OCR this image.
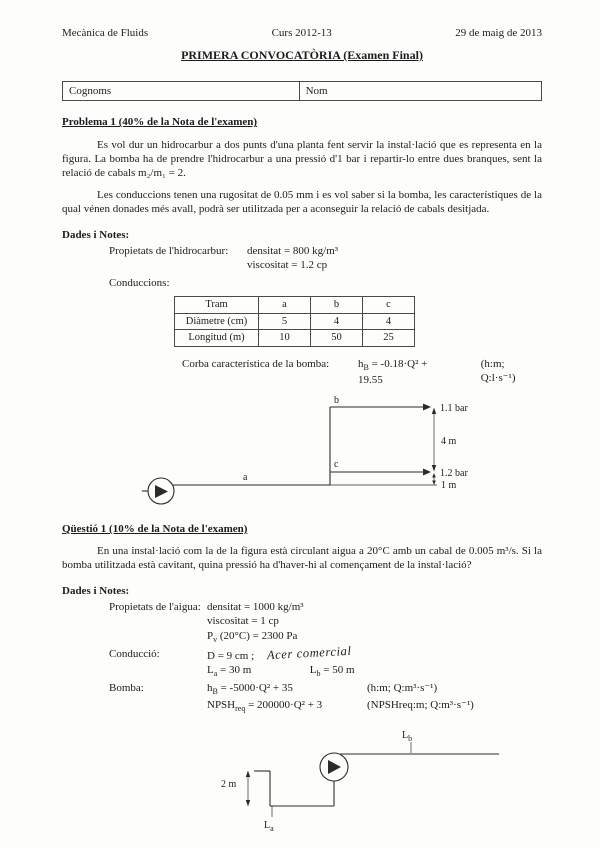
Mecànica de Fluids	Curs 2012-13	29 de maig de 2013
PRIMERA CONVOCATÒRIA (Examen Final)
Cognoms	Nom
Problema 1 (40% de la Nota de l'examen)

Es vol dur un hidrocarbur a dos punts d'una planta fent servir la instal·lació que es representa en la figura. La bomba ha de prendre l'hidrocarbur a una pressió d'1 bar i repartir-lo entre dues branques, sent la relació de cabals m₂/m₁ = 2.

Les conduccions tenen una rugositat de 0.05 mm i es vol saber si la bomba, les característiques de la qual vénen donades més avall, podrà ser utilitzada per a aconseguir la relació de cabals desitjada.

Dades i Notes:
Propietats de l'hidrocarbur:	densitat = 800 kg/m³
viscositat = 1.2 cp
Conduccions:
Tram	a	b	c
Diàmetre (cm)	5	4	4
Longitud (m)	10	50	25
Corba característica de la bomba:	$h_B = -0.18\cdot Q^2 + 19.55$
(h:m; Q:l·s⁻¹)
a
b
c
1.1 bar
4 m
1.2 bar
1 m
Qüestió 1 (10% de la Nota de l'examen)

En una instal·lació com la de la figura està circulant aigua a 20°C amb un cabal de 0.005 m³/s. Si la bomba utilitzada està cavitant, quina pressió ha d'haver-hi al començament de la instal·lació?

Dades i Notes:
Propietats de l'aigua: densitat = 1000 kg/m³
viscositat = 1 cp
$P_v$ (20°C) = 2300 Pa
Conducció:	D = 9 cm ; Acer comercial
$L_a = 30$ m	$L_b = 50$ m
Bomba:	$h_B = -5000\cdot Q^2 + 35$	(h:m; Q:m³·s⁻¹)
$NPSH_{req} = 200000\cdot Q^2 + 3$	(NPSHreq:m; Q:m³·s⁻¹)
$L_b$
2 m
$L_a$
